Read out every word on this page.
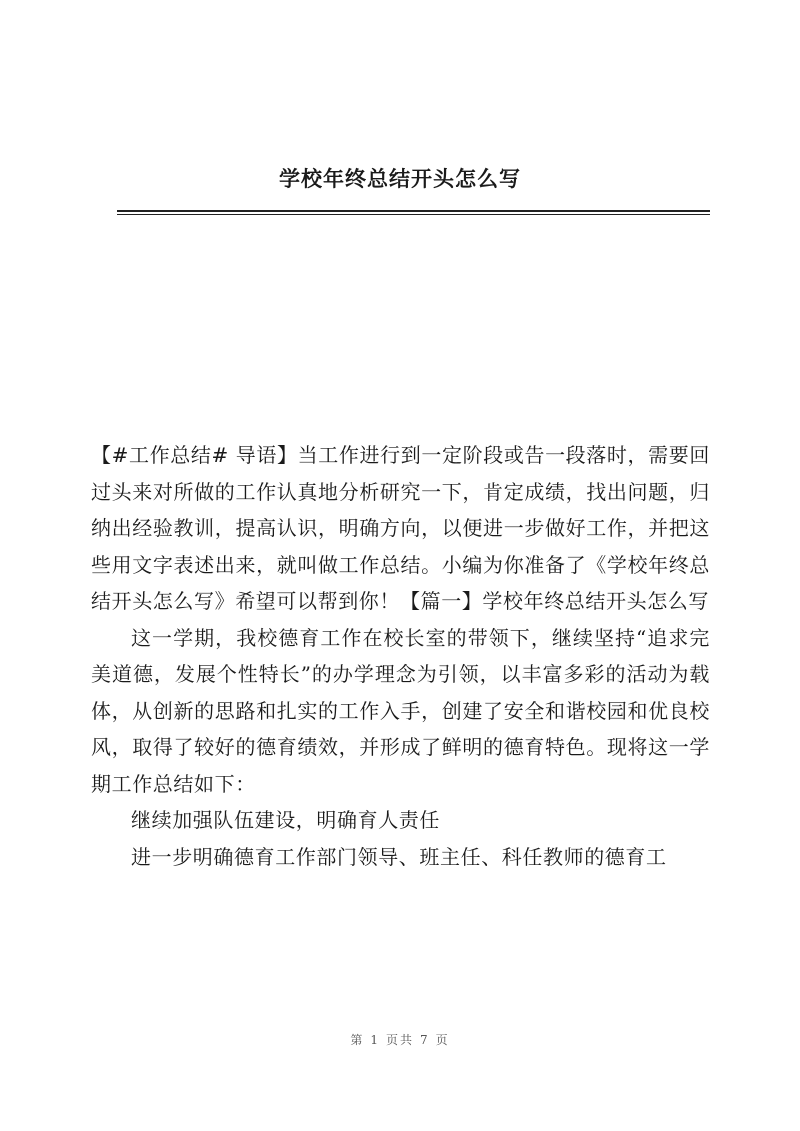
学校年终总结开头怎么写

【#工作总结# 导语】当工作进行到一定阶段或告一段落时，需要回过头来对所做的工作认真地分析研究一下，肯定成绩，找出问题，归纳出经验教训，提高认识，明确方向，以便进一步做好工作，并把这些用文字表述出来，就叫做工作总结。小编为你准备了《学校年终总结开头怎么写》希望可以帮到你！【篇一】学校年终总结开头怎么写

这一学期，我校德育工作在校长室的带领下，继续坚持“追求完美道德，发展个性特长”的办学理念为引领，以丰富多彩的活动为载体，从创新的思路和扎实的工作入手，创建了安全和谐校园和优良校风，取得了较好的德育绩效，并形成了鲜明的德育特色。现将这一学期工作总结如下：

继续加强队伍建设，明确育人责任

进一步明确德育工作部门领导、班主任、科任教师的德育工

第 1 页共 7 页
